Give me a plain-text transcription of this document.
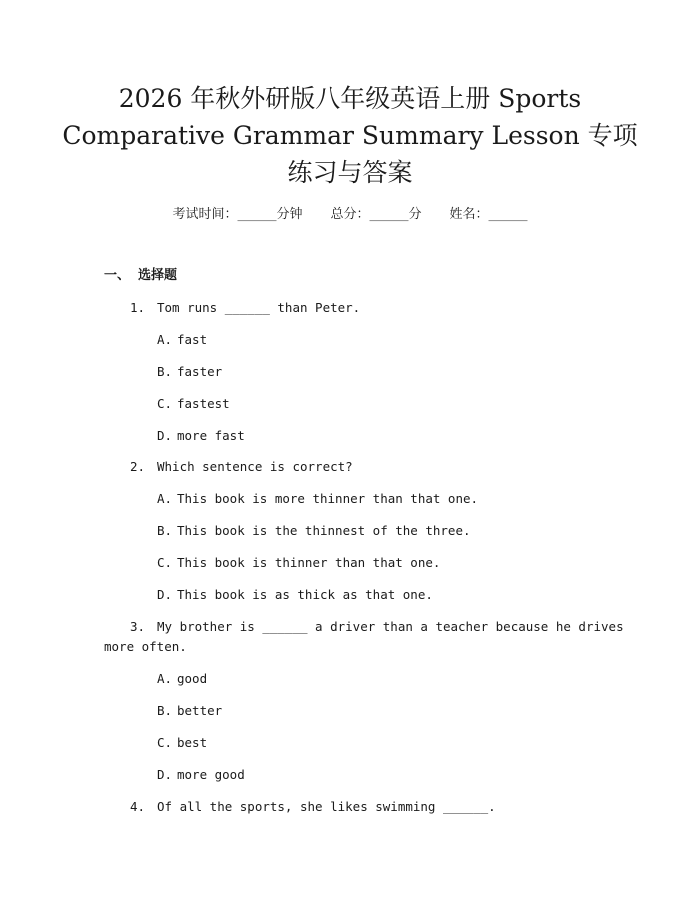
2026 年秋外研版八年级英语上册 Sports
Comparative Grammar Summary Lesson 专项
练习与答案
考试时间：______分钟 总分：______分 姓名：______
一、 选择题
1. Tom runs ______ than Peter.
A. fast
B. faster
C. fastest
D. more fast
2. Which sentence is correct?
A. This book is more thinner than that one.
B. This book is the thinnest of the three.
C. This book is thinner than that one.
D. This book is as thick as that one.
3. My brother is ______ a driver than a teacher because he drives
more often.
A. good
B. better
C. best
D. more good
4. Of all the sports, she likes swimming ______.
